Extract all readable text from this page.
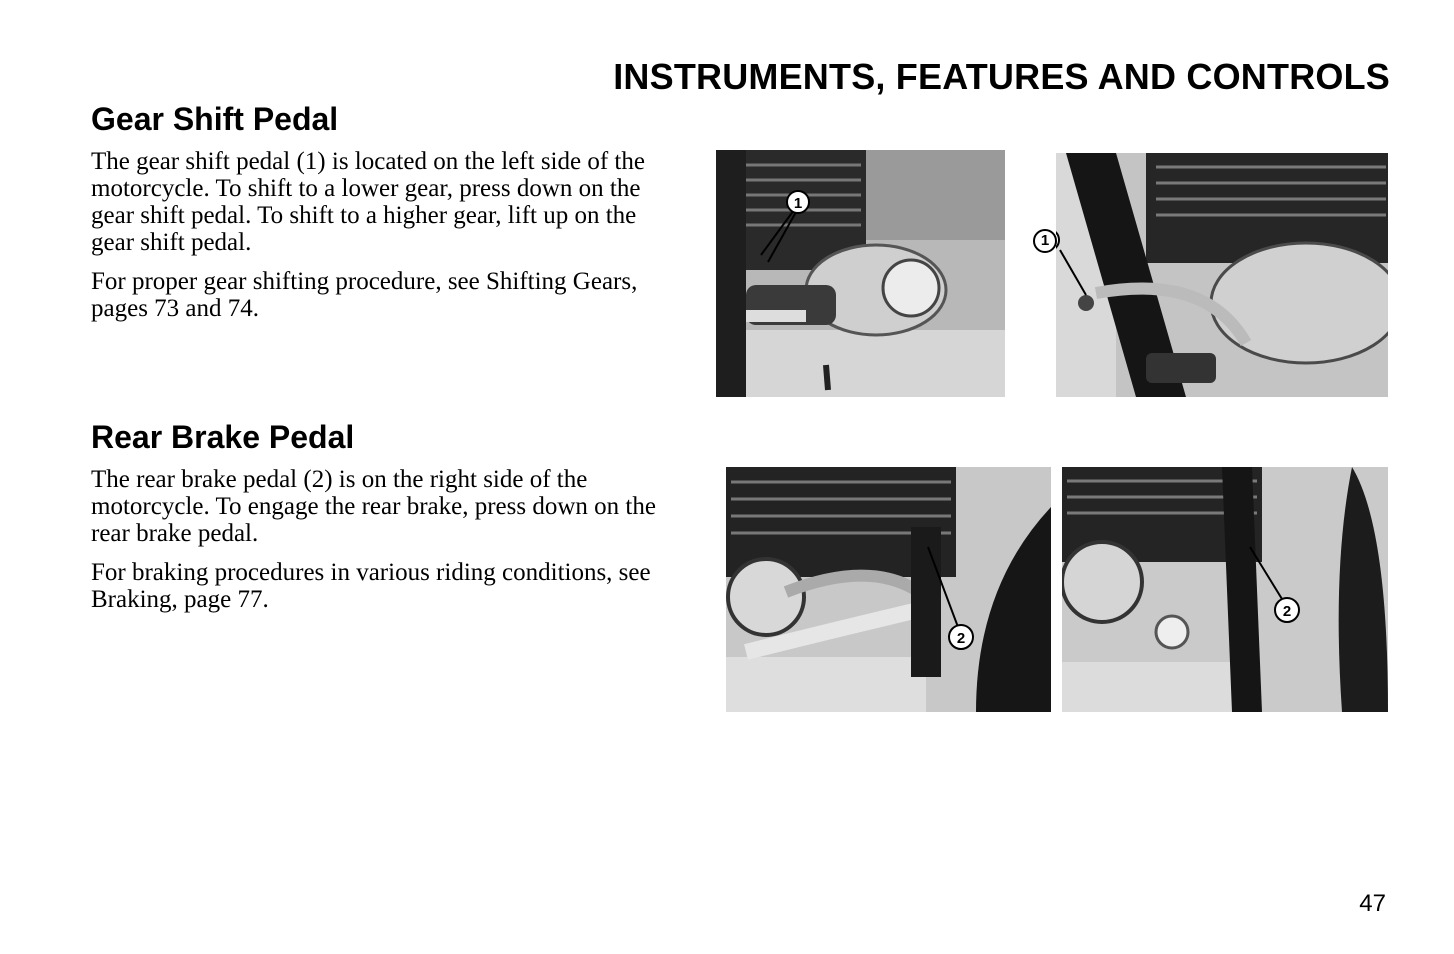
INSTRUMENTS, FEATURES AND CONTROLS
Gear Shift Pedal

The gear shift pedal (1) is located on the left side of the motorcycle. To shift to a lower gear, press down on the gear shift pedal. To shift to a higher gear, lift up on the gear shift pedal.

For proper gear shifting procedure, see Shifting Gears, pages 73 and 74.

Rear Brake Pedal

The rear brake pedal (2) is on the right side of the motorcycle. To engage the rear brake, press down on the rear brake pedal.

For braking procedures in various riding conditions, see Braking, page 77.

1
1
2
2

47
